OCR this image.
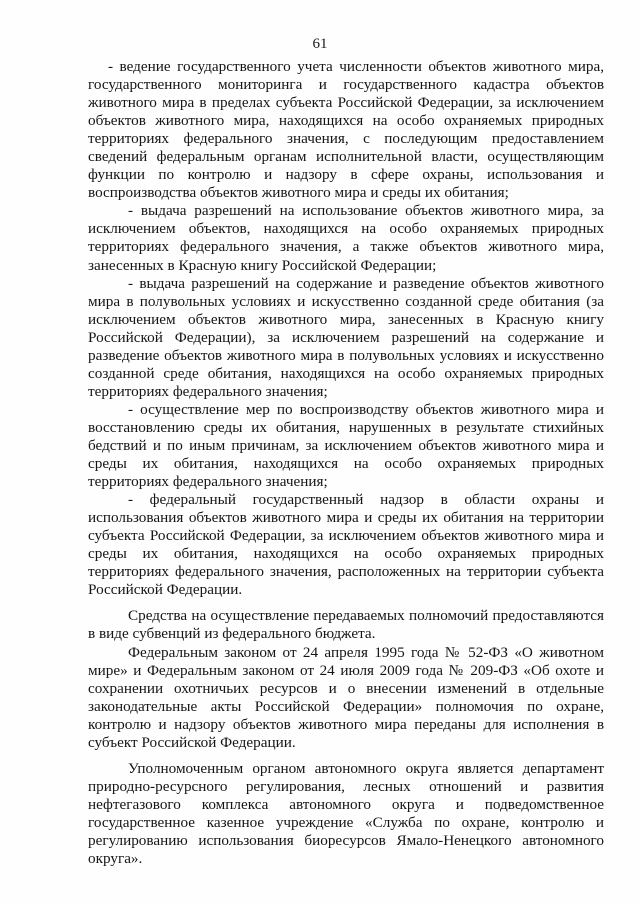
61

- ведение государственного учета численности объектов животного мира, государственного мониторинга и государственного кадастра объектов животного мира в пределах субъекта Российской Федерации, за исключением объектов животного мира, находящихся на особо охраняемых природных территориях федерального значения, с последующим предоставлением сведений федеральным органам исполнительной власти, осуществляющим функции по контролю и надзору в сфере охраны, использования и воспроизводства объектов животного мира и среды их обитания;

- выдача разрешений на использование объектов животного мира, за исключением объектов, находящихся на особо охраняемых природных территориях федерального значения, а также объектов животного мира, занесенных в Красную книгу Российской Федерации;

- выдача разрешений на содержание и разведение объектов животного мира в полувольных условиях и искусственно созданной среде обитания (за исключением объектов животного мира, занесенных в Красную книгу Российской Федерации), за исключением разрешений на содержание и разведение объектов животного мира в полувольных условиях и искусственно созданной среде обитания, находящихся на особо охраняемых природных территориях федерального значения;

- осуществление мер по воспроизводству объектов животного мира и восстановлению среды их обитания, нарушенных в результате стихийных бедствий и по иным причинам, за исключением объектов животного мира и среды их обитания, находящихся на особо охраняемых природных территориях федерального значения;

- федеральный государственный надзор в области охраны и использования объектов животного мира и среды их обитания на территории субъекта Российской Федерации, за исключением объектов животного мира и среды их обитания, находящихся на особо охраняемых природных территориях федерального значения, расположенных на территории субъекта Российской Федерации.

Средства на осуществление передаваемых полномочий предоставляются в виде субвенций из федерального бюджета.

Федеральным законом от 24 апреля 1995 года № 52-ФЗ «О животном мире» и Федеральным законом от 24 июля 2009 года № 209-ФЗ «Об охоте и сохранении охотничьих ресурсов и о внесении изменений в отдельные законодательные акты Российской Федерации» полномочия по охране, контролю и надзору объектов животного мира переданы для исполнения в субъект Российской Федерации.

Уполномоченным органом автономного округа является департамент природно-ресурсного регулирования, лесных отношений и развития нефтегазового комплекса автономного округа и подведомственное государственное казенное учреждение «Служба по охране, контролю и регулированию использования биоресурсов Ямало-Ненецкого автономного округа».
